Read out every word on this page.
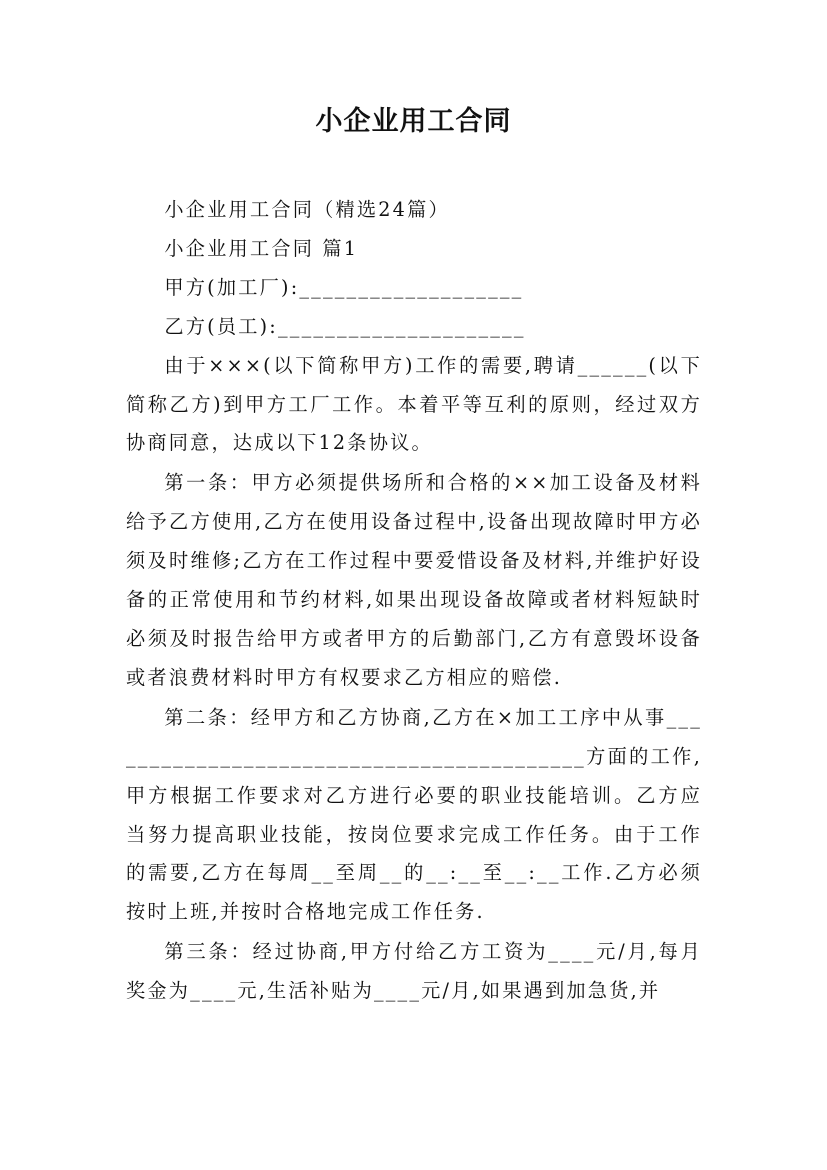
小企业用工合同

小企业用工合同（精选24篇）

小企业用工合同 篇1

甲方(加工厂):___________________

乙方(员工):_____________________

由于×××(以下简称甲方)工作的需要,聘请______(以下简称乙方)到甲方工厂工作。本着平等互利的原则，经过双方协商同意，达成以下12条协议。

第一条：甲方必须提供场所和合格的××加工设备及材料给予乙方使用,乙方在使用设备过程中,设备出现故障时甲方必须及时维修;乙方在工作过程中要爱惜设备及材料,并维护好设备的正常使用和节约材料,如果出现设备故障或者材料短缺时必须及时报告给甲方或者甲方的后勤部门,乙方有意毁坏设备或者浪费材料时甲方有权要求乙方相应的赔偿.

第二条：经甲方和乙方协商,乙方在×加工工序中从事__________________________________________方面的工作,甲方根据工作要求对乙方进行必要的职业技能培训。乙方应当努力提高职业技能，按岗位要求完成工作任务。由于工作的需要,乙方在每周__至周__的__:__至__:__工作.乙方必须按时上班,并按时合格地完成工作任务.

第三条：经过协商,甲方付给乙方工资为____元/月,每月奖金为____元,生活补贴为____元/月,如果遇到加急货,并
